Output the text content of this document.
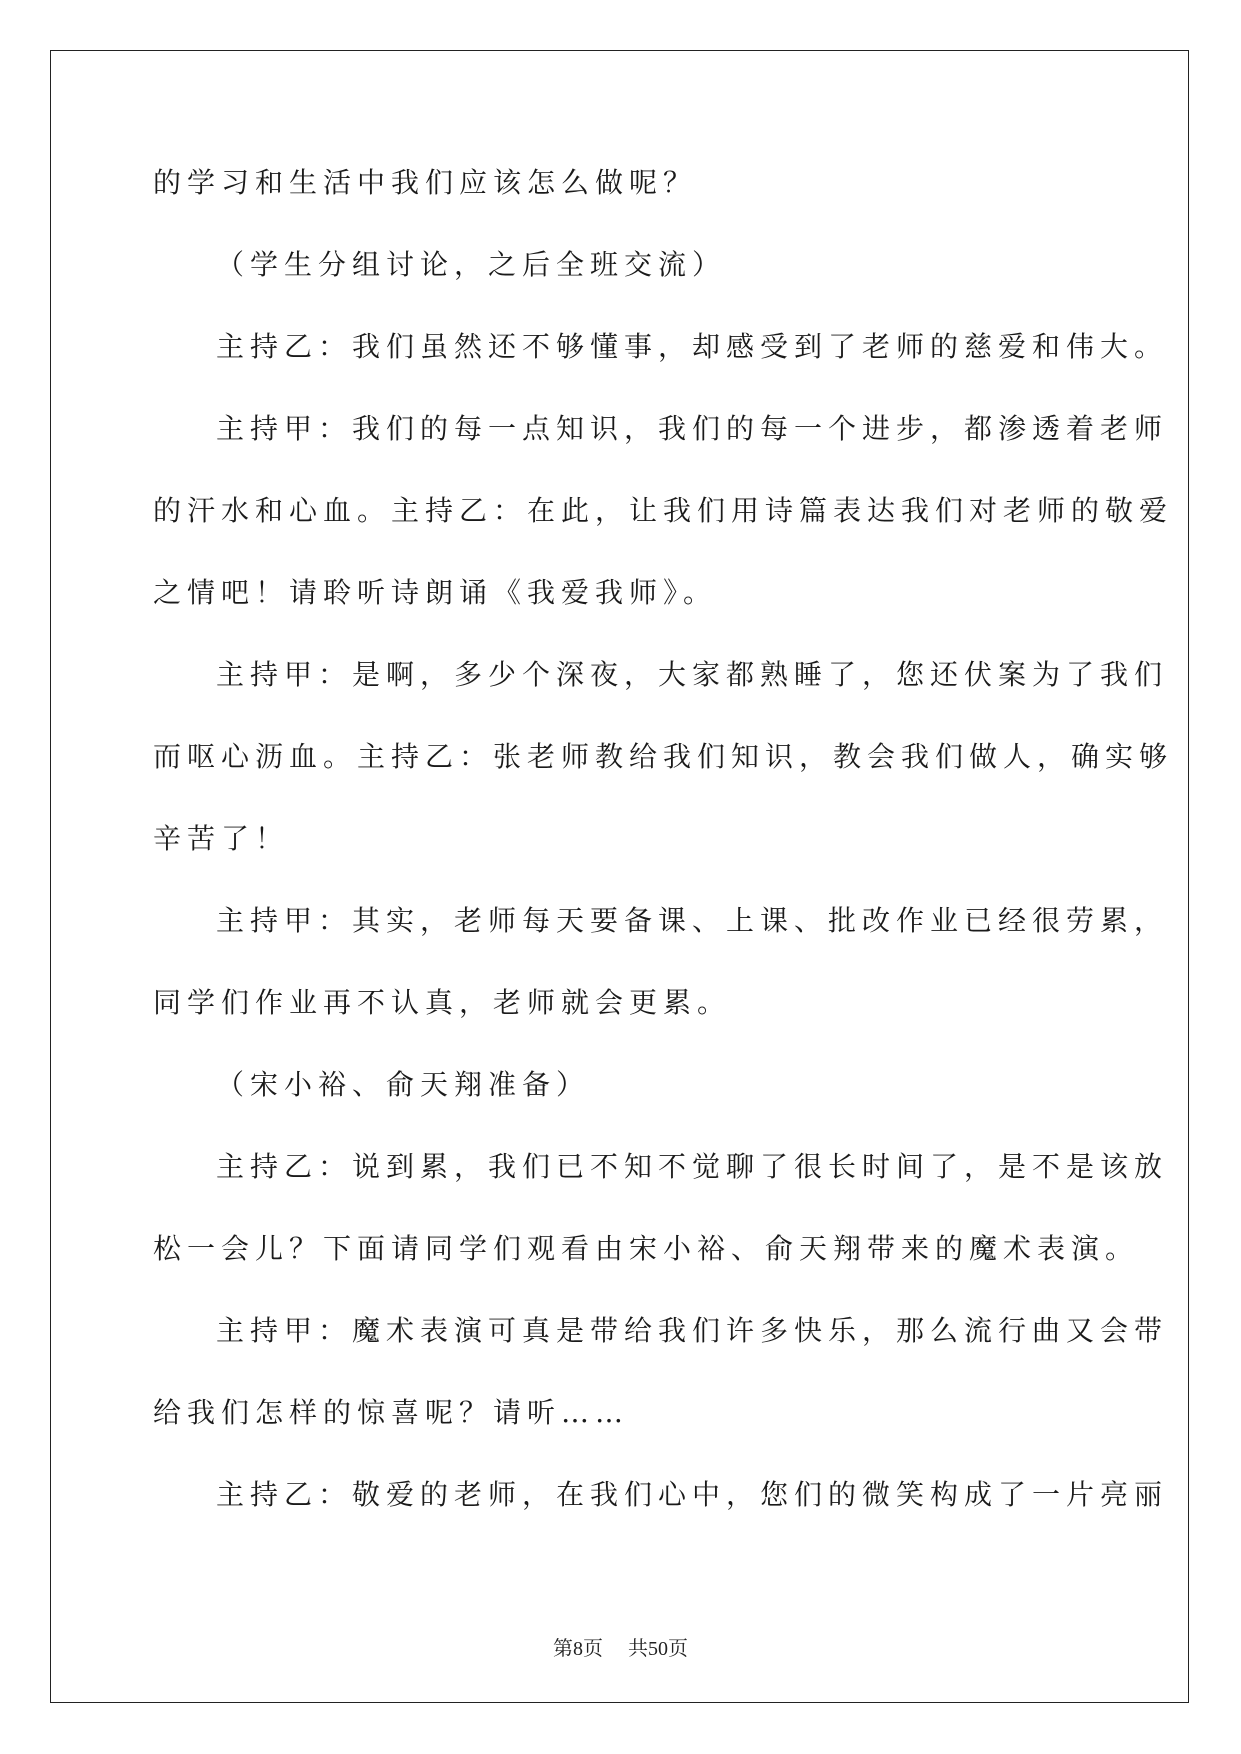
的学习和生活中我们应该怎么做呢？

（学生分组讨论，之后全班交流）

主持乙：我们虽然还不够懂事，却感受到了老师的慈爱和伟大。

主持甲：我们的每一点知识，我们的每一个进步，都渗透着老师

的汗水和心血。主持乙：在此，让我们用诗篇表达我们对老师的敬爱

之情吧！请聆听诗朗诵《我爱我师》。

主持甲：是啊，多少个深夜，大家都熟睡了，您还伏案为了我们

而呕心沥血。主持乙：张老师教给我们知识，教会我们做人，确实够

辛苦了！

主持甲：其实，老师每天要备课、上课、批改作业已经很劳累，

同学们作业再不认真，老师就会更累。

（宋小裕、俞天翔准备）

主持乙：说到累，我们已不知不觉聊了很长时间了，是不是该放

松一会儿？下面请同学们观看由宋小裕、俞天翔带来的魔术表演。

主持甲：魔术表演可真是带给我们许多快乐，那么流行曲又会带

给我们怎样的惊喜呢？请听……

主持乙：敬爱的老师，在我们心中，您们的微笑构成了一片亮丽

第8页 共50页
